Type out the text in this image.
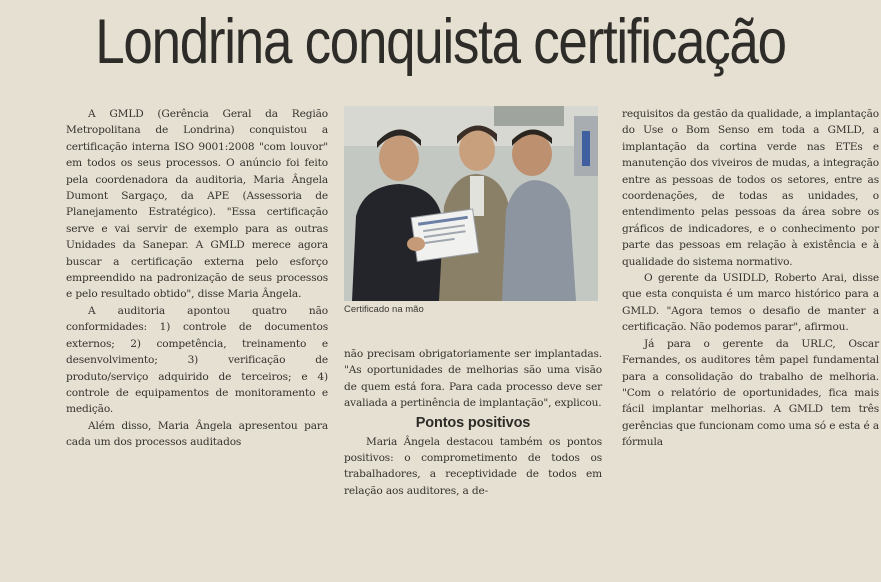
Londrina conquista certificação

A GMLD (Gerência Geral da Região Metropolitana de Londrina) conquistou a certificação interna ISO 9001:2008 "com louvor" em todos os seus processos. O anúncio foi feito pela coordenadora da auditoria, Maria Ângela Dumont Sargaço, da APE (Assessoria de Planejamento Estratégico). "Essa certificação serve e vai servir de exemplo para as outras Unidades da Sanepar. A GMLD merece agora buscar a certificação externa pelo esforço empreendido na padronização de seus processos e pelo resultado obtido", disse Maria Ângela.

A auditoria apontou quatro não conformidades: 1) controle de documentos externos; 2) competência, treinamento e desenvolvimento; 3) verificação de produto/serviço adquirido de terceiros; e 4) controle de equipamentos de monitoramento e medição.

Além disso, Maria Ângela apresentou para cada um dos processos auditados

Certificado na mão

não precisam obrigatoriamente ser implantadas. "As oportunidades de melhorias são uma visão de quem está fora. Para cada processo deve ser avaliada a pertinência de implantação", explicou.

Pontos positivos

Maria Ângela destacou também os pontos positivos: o comprometimento de todos os trabalhadores, a receptividade de todos em relação aos auditores, a de-

requisitos da gestão da qualidade, a implantação do Use o Bom Senso em toda a GMLD, a implantação da cortina verde nas ETEs e manutenção dos viveiros de mudas, a integração entre as pessoas de todos os setores, entre as coordenações, de todas as unidades, o entendimento pelas pessoas da área sobre os gráficos de indicadores, e o conhecimento por parte das pessoas em relação à existência e à qualidade do sistema normativo.

O gerente da USIDLD, Roberto Arai, disse que esta conquista é um marco histórico para a GMLD. "Agora temos o desafio de manter a certificação. Não podemos parar", afirmou.

Já para o gerente da URLC, Oscar Fernandes, os auditores têm papel fundamental para a consolidação do trabalho de melhoria. "Com o relatório de oportunidades, fica mais fácil implantar melhorias. A GMLD tem três gerências que funcionam como uma só e esta é a fórmula
